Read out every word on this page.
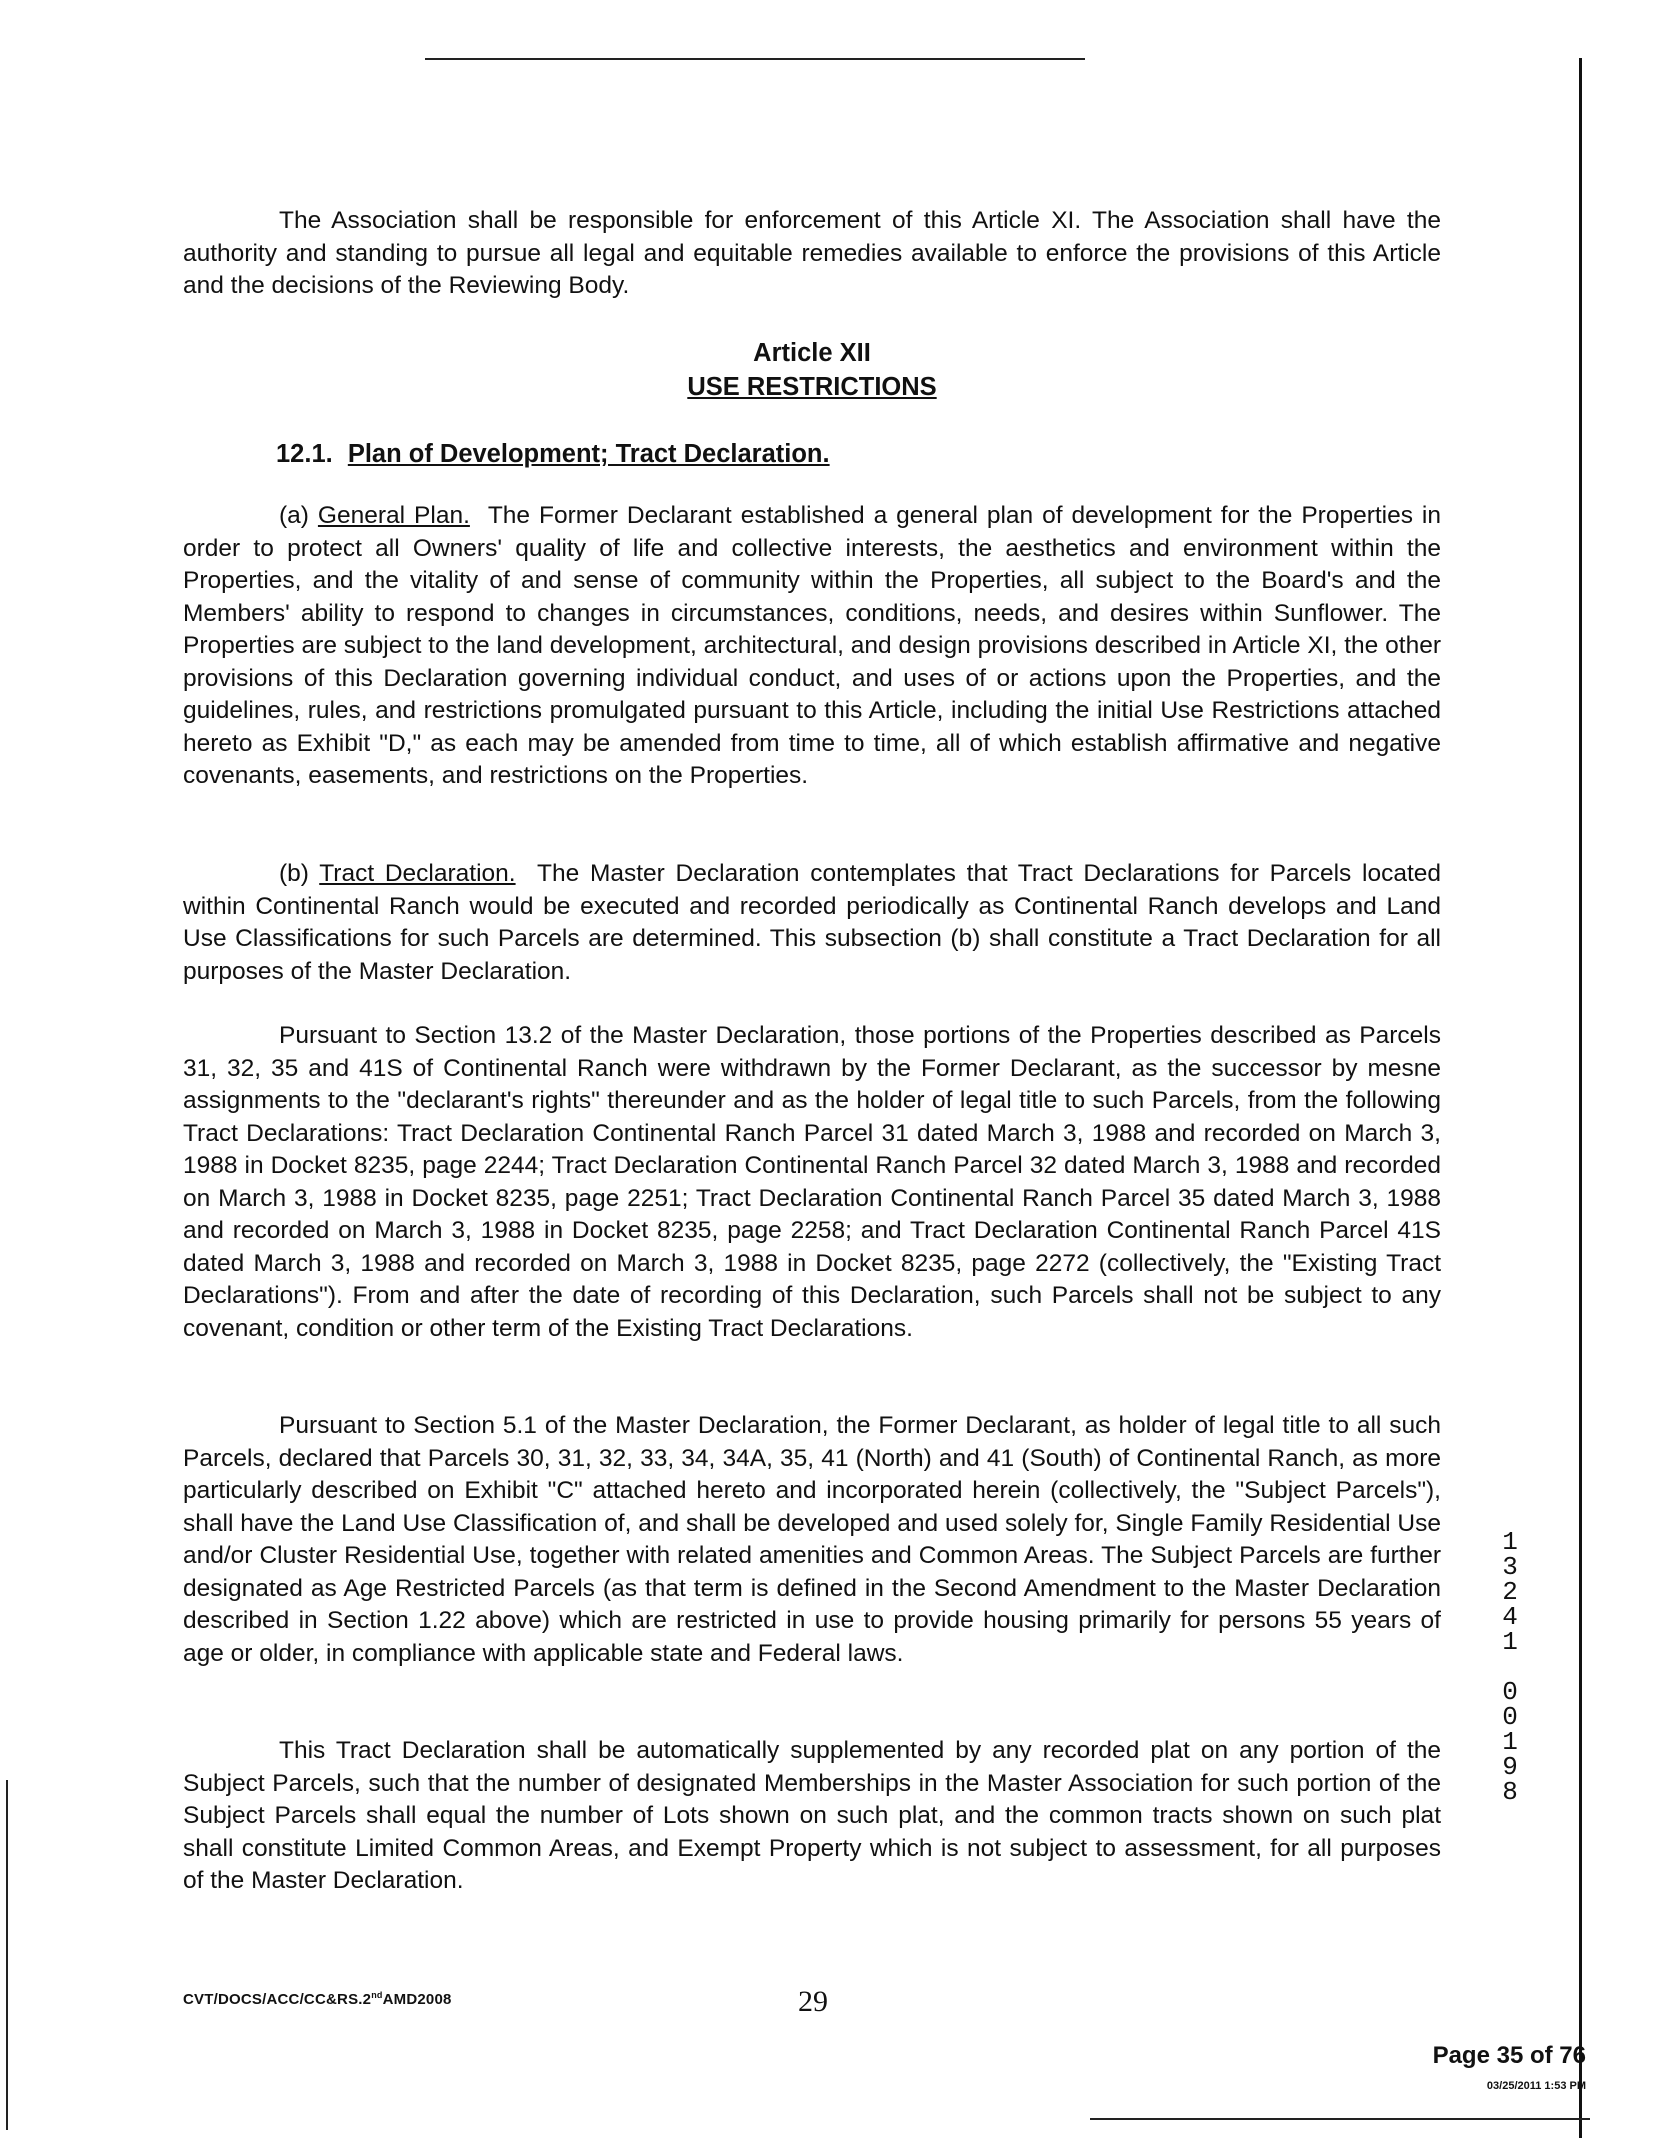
The Association shall be responsible for enforcement of this Article XI. The Association shall have the authority and standing to pursue all legal and equitable remedies available to enforce the provisions of this Article and the decisions of the Reviewing Body.

Article XII
USE RESTRICTIONS
12.1. Plan of Development; Tract Declaration.

(a) General Plan. The Former Declarant established a general plan of development for the Properties in order to protect all Owners' quality of life and collective interests, the aesthetics and environment within the Properties, and the vitality of and sense of community within the Properties, all subject to the Board's and the Members' ability to respond to changes in circumstances, conditions, needs, and desires within Sunflower. The Properties are subject to the land development, architectural, and design provisions described in Article XI, the other provisions of this Declaration governing individual conduct, and uses of or actions upon the Properties, and the guidelines, rules, and restrictions promulgated pursuant to this Article, including the initial Use Restrictions attached hereto as Exhibit "D," as each may be amended from time to time, all of which establish affirmative and negative covenants, easements, and restrictions on the Properties.

(b) Tract Declaration. The Master Declaration contemplates that Tract Declarations for Parcels located within Continental Ranch would be executed and recorded periodically as Continental Ranch develops and Land Use Classifications for such Parcels are determined. This subsection (b) shall constitute a Tract Declaration for all purposes of the Master Declaration.

Pursuant to Section 13.2 of the Master Declaration, those portions of the Properties described as Parcels 31, 32, 35 and 41S of Continental Ranch were withdrawn by the Former Declarant, as the successor by mesne assignments to the "declarant's rights" thereunder and as the holder of legal title to such Parcels, from the following Tract Declarations: Tract Declaration Continental Ranch Parcel 31 dated March 3, 1988 and recorded on March 3, 1988 in Docket 8235, page 2244; Tract Declaration Continental Ranch Parcel 32 dated March 3, 1988 and recorded on March 3, 1988 in Docket 8235, page 2251; Tract Declaration Continental Ranch Parcel 35 dated March 3, 1988 and recorded on March 3, 1988 in Docket 8235, page 2258; and Tract Declaration Continental Ranch Parcel 41S dated March 3, 1988 and recorded on March 3, 1988 in Docket 8235, page 2272 (collectively, the "Existing Tract Declarations"). From and after the date of recording of this Declaration, such Parcels shall not be subject to any covenant, condition or other term of the Existing Tract Declarations.

Pursuant to Section 5.1 of the Master Declaration, the Former Declarant, as holder of legal title to all such Parcels, declared that Parcels 30, 31, 32, 33, 34, 34A, 35, 41 (North) and 41 (South) of Continental Ranch, as more particularly described on Exhibit "C" attached hereto and incorporated herein (collectively, the "Subject Parcels"), shall have the Land Use Classification of, and shall be developed and used solely for, Single Family Residential Use and/or Cluster Residential Use, together with related amenities and Common Areas. The Subject Parcels are further designated as Age Restricted Parcels (as that term is defined in the Second Amendment to the Master Declaration described in Section 1.22 above) which are restricted in use to provide housing primarily for persons 55 years of age or older, in compliance with applicable state and Federal laws.

This Tract Declaration shall be automatically supplemented by any recorded plat on any portion of the Subject Parcels, such that the number of designated Memberships in the Master Association for such portion of the Subject Parcels shall equal the number of Lots shown on such plat, and the common tracts shown on such plat shall constitute Limited Common Areas, and Exempt Property which is not subject to assessment, for all purposes of the Master Declaration.

CVT/DOCS/ACC/CC&RS.2ndAMD2008	29
Page 35 of 76
03/25/2011 1:53 PM
1
3
2
4
1

0
0
1
9
8
